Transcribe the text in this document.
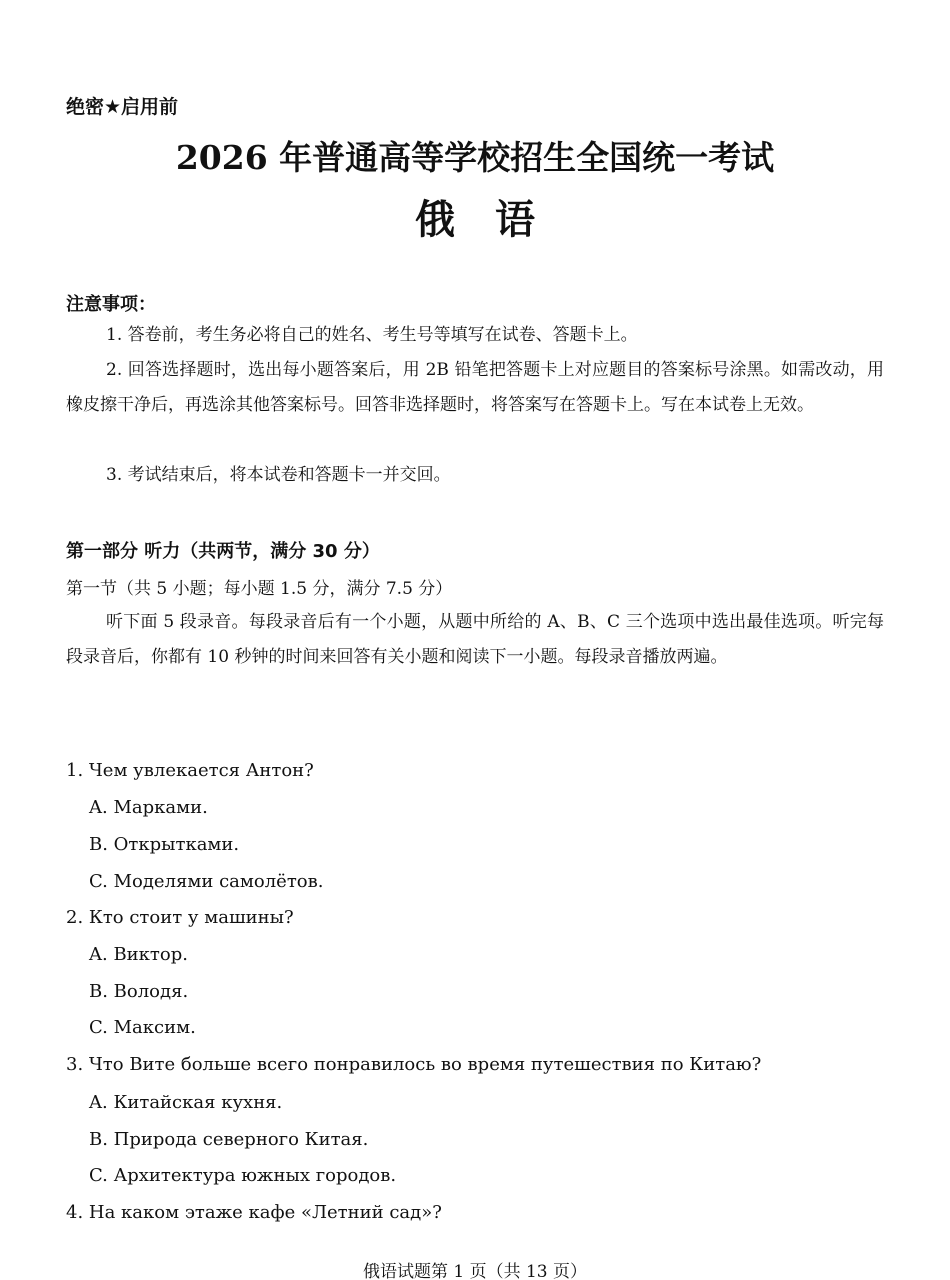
绝密★启用前
2026 年普通高等学校招生全国统一考试
俄语
注意事项：
1. 答卷前，考生务必将自己的姓名、考生号等填写在试卷、答题卡上。
2. 回答选择题时，选出每小题答案后，用 2B 铅笔把答题卡上对应题目的答案标号涂黑。如需改动，用橡皮擦干净后，再选涂其他答案标号。回答非选择题时，将答案写在答题卡上。写在本试卷上无效。
3. 考试结束后，将本试卷和答题卡一并交回。
第一部分 听力（共两节，满分 30 分）
第一节（共 5 小题；每小题 1.5 分，满分 7.5 分）
听下面 5 段录音。每段录音后有一个小题，从题中所给的 A、B、C 三个选项中选出最佳选项。听完每段录音后，你都有 10 秒钟的时间来回答有关小题和阅读下一小题。每段录音播放两遍。
1. Чем увлекается Антон?
A. Марками.
B. Открытками.
C. Моделями самолётов.
2. Кто стоит у машины?
A. Виктор.
B. Володя.
C. Максим.
3. Что Вите больше всего понравилось во время путешествия по Китаю?
A. Китайская кухня.
B. Природа северного Китая.
C. Архитектура южных городов.
4. На каком этаже кафе «Летний сад»?
俄语试题第 1 页（共 13 页）
